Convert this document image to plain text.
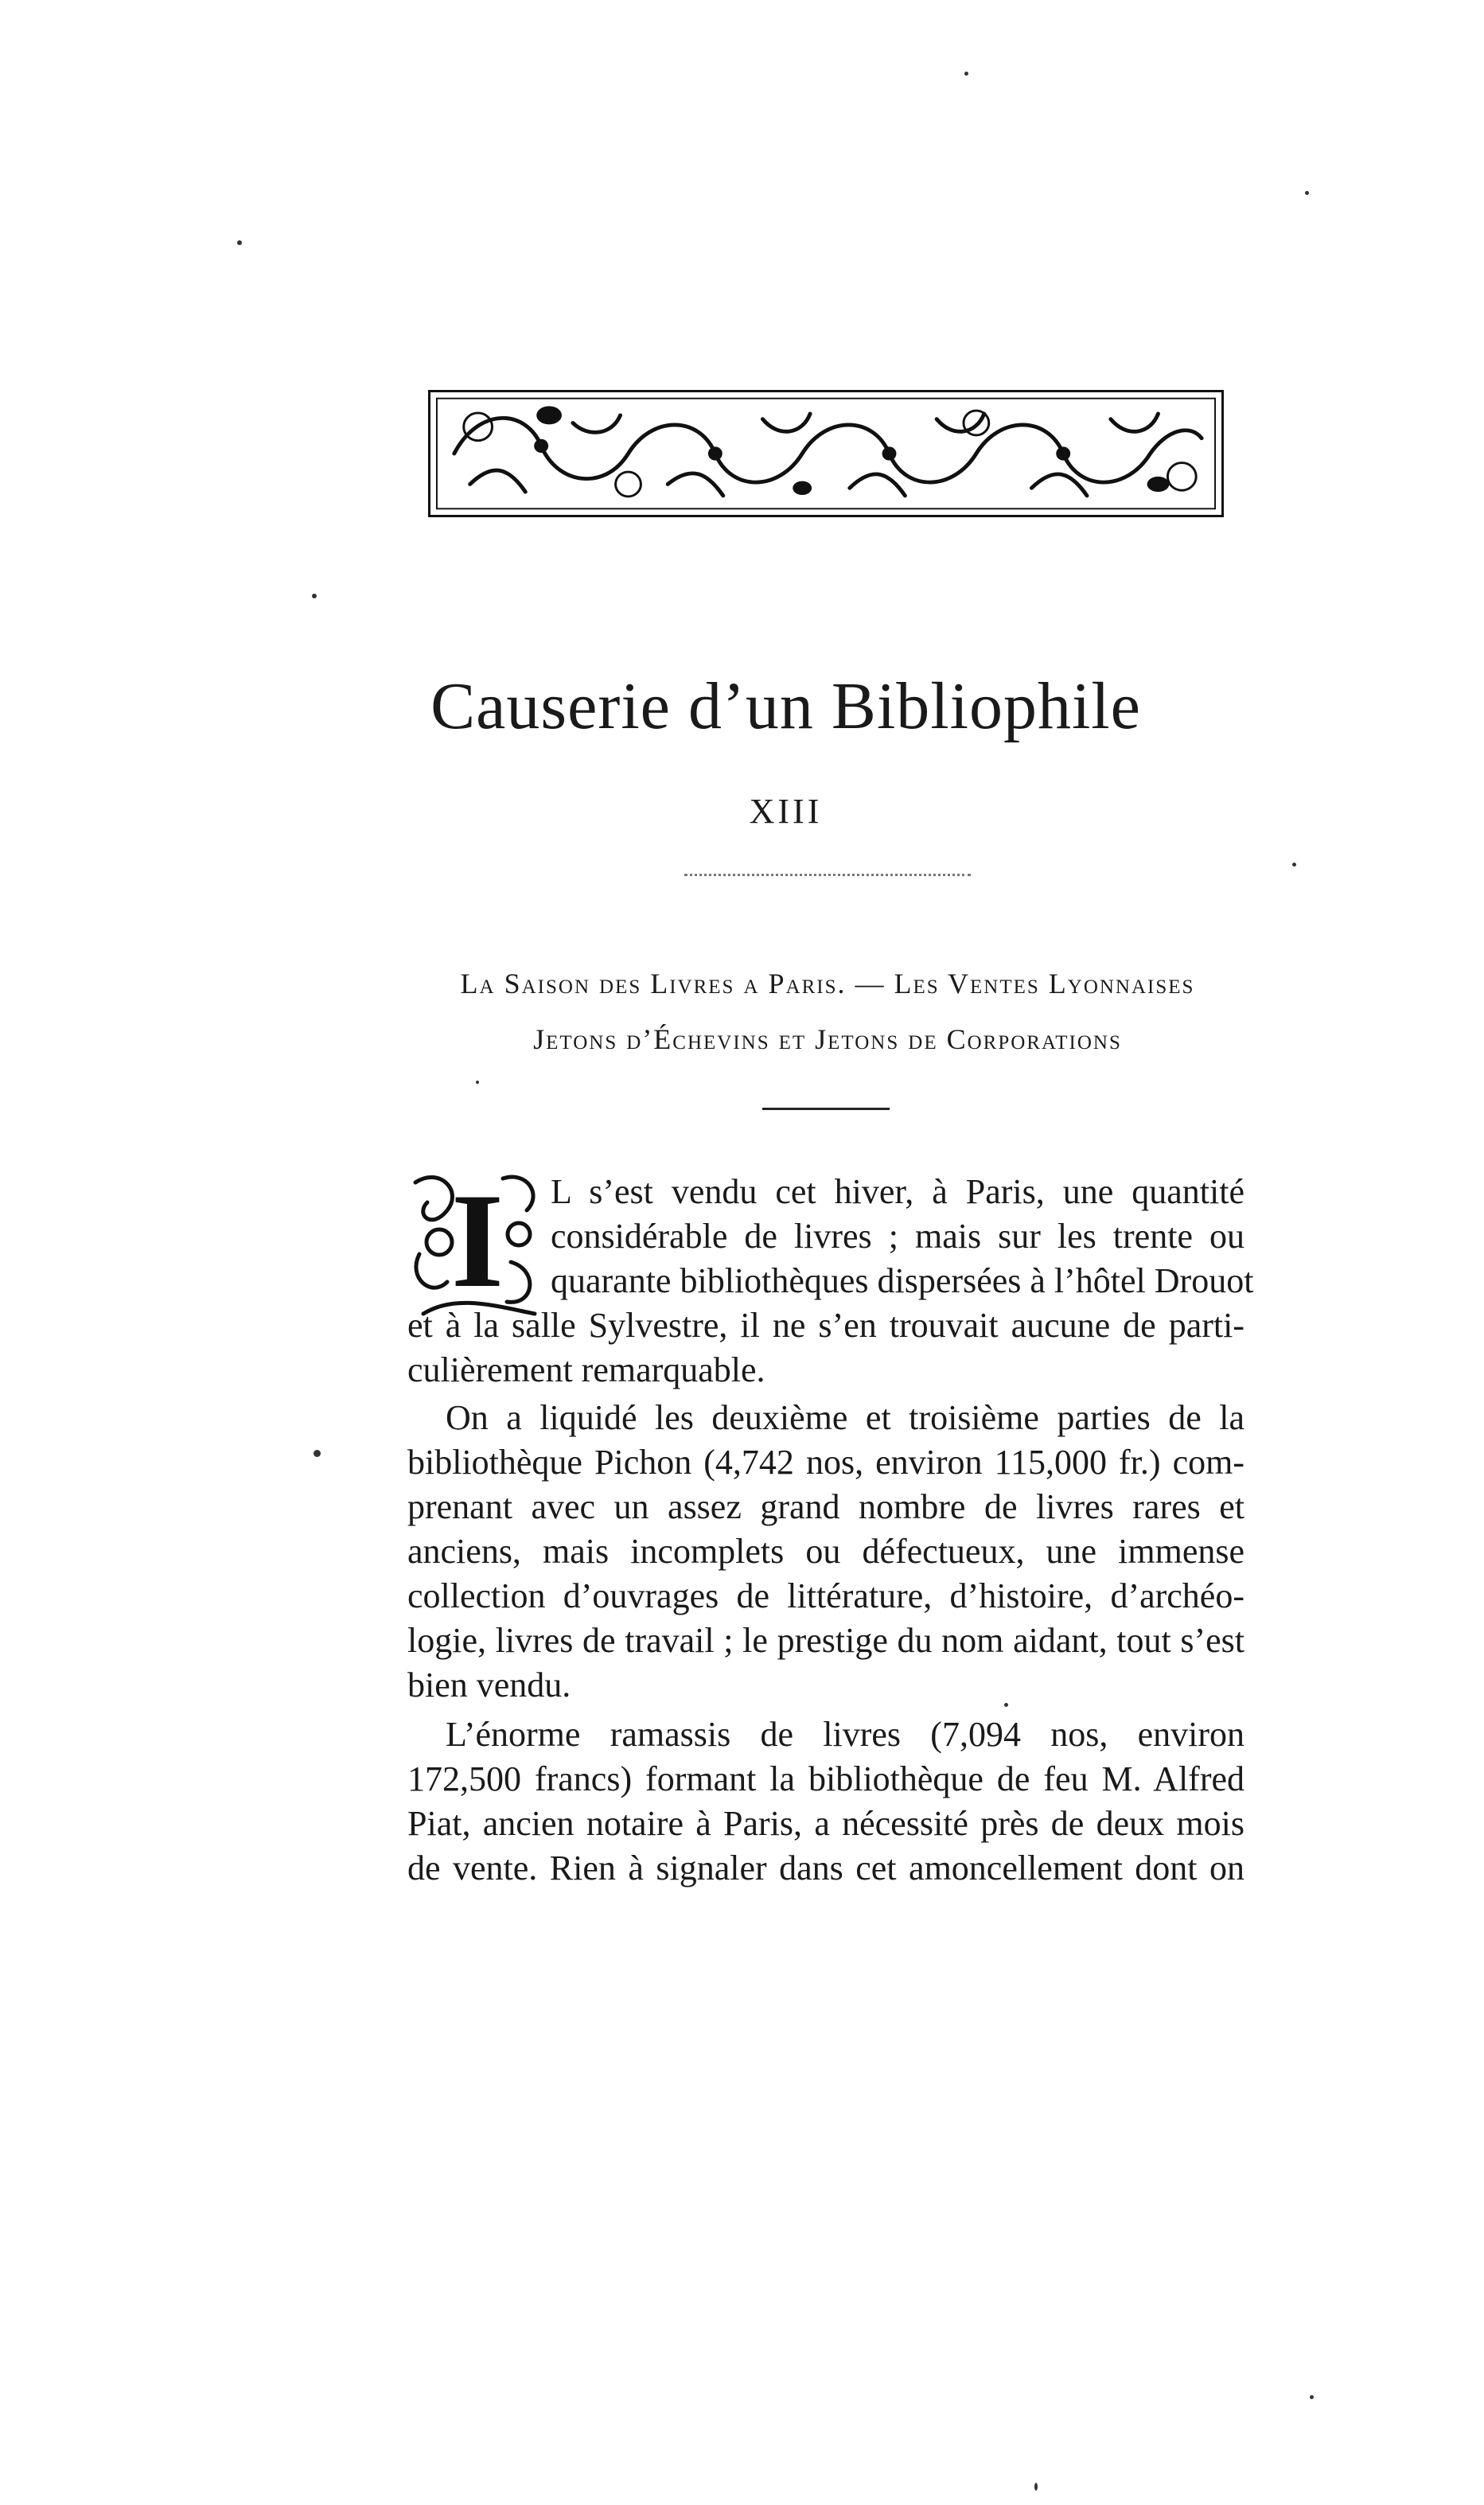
Causerie d’un Bibliophile
XIII
La Saison des Livres a Paris. — Les Ventes Lyonnaises
Jetons d’Échevins et Jetons de Corporations
I L s’est vendu cet hiver, à Paris, une quantité
considérable de livres ; mais sur les trente ou
quarante bibliothèques dispersées à l’hôtel Drouot
et à la salle Sylvestre, il ne s’en trouvait aucune de parti-
culièrement remarquable.
On a liquidé les deuxième et troisième parties de la
bibliothèque Pichon (4,742 nos, environ 115,000 fr.) com-
prenant avec un assez grand nombre de livres rares et
anciens, mais incomplets ou défectueux, une immense
collection d’ouvrages de littérature, d’histoire, d’archéo-
logie, livres de travail ; le prestige du nom aidant, tout s’est
bien vendu.
L’énorme ramassis de livres (7,094 nos, environ
172,500 francs) formant la bibliothèque de feu M. Alfred
Piat, ancien notaire à Paris, a nécessité près de deux mois
de vente. Rien à signaler dans cet amoncellement dont on
